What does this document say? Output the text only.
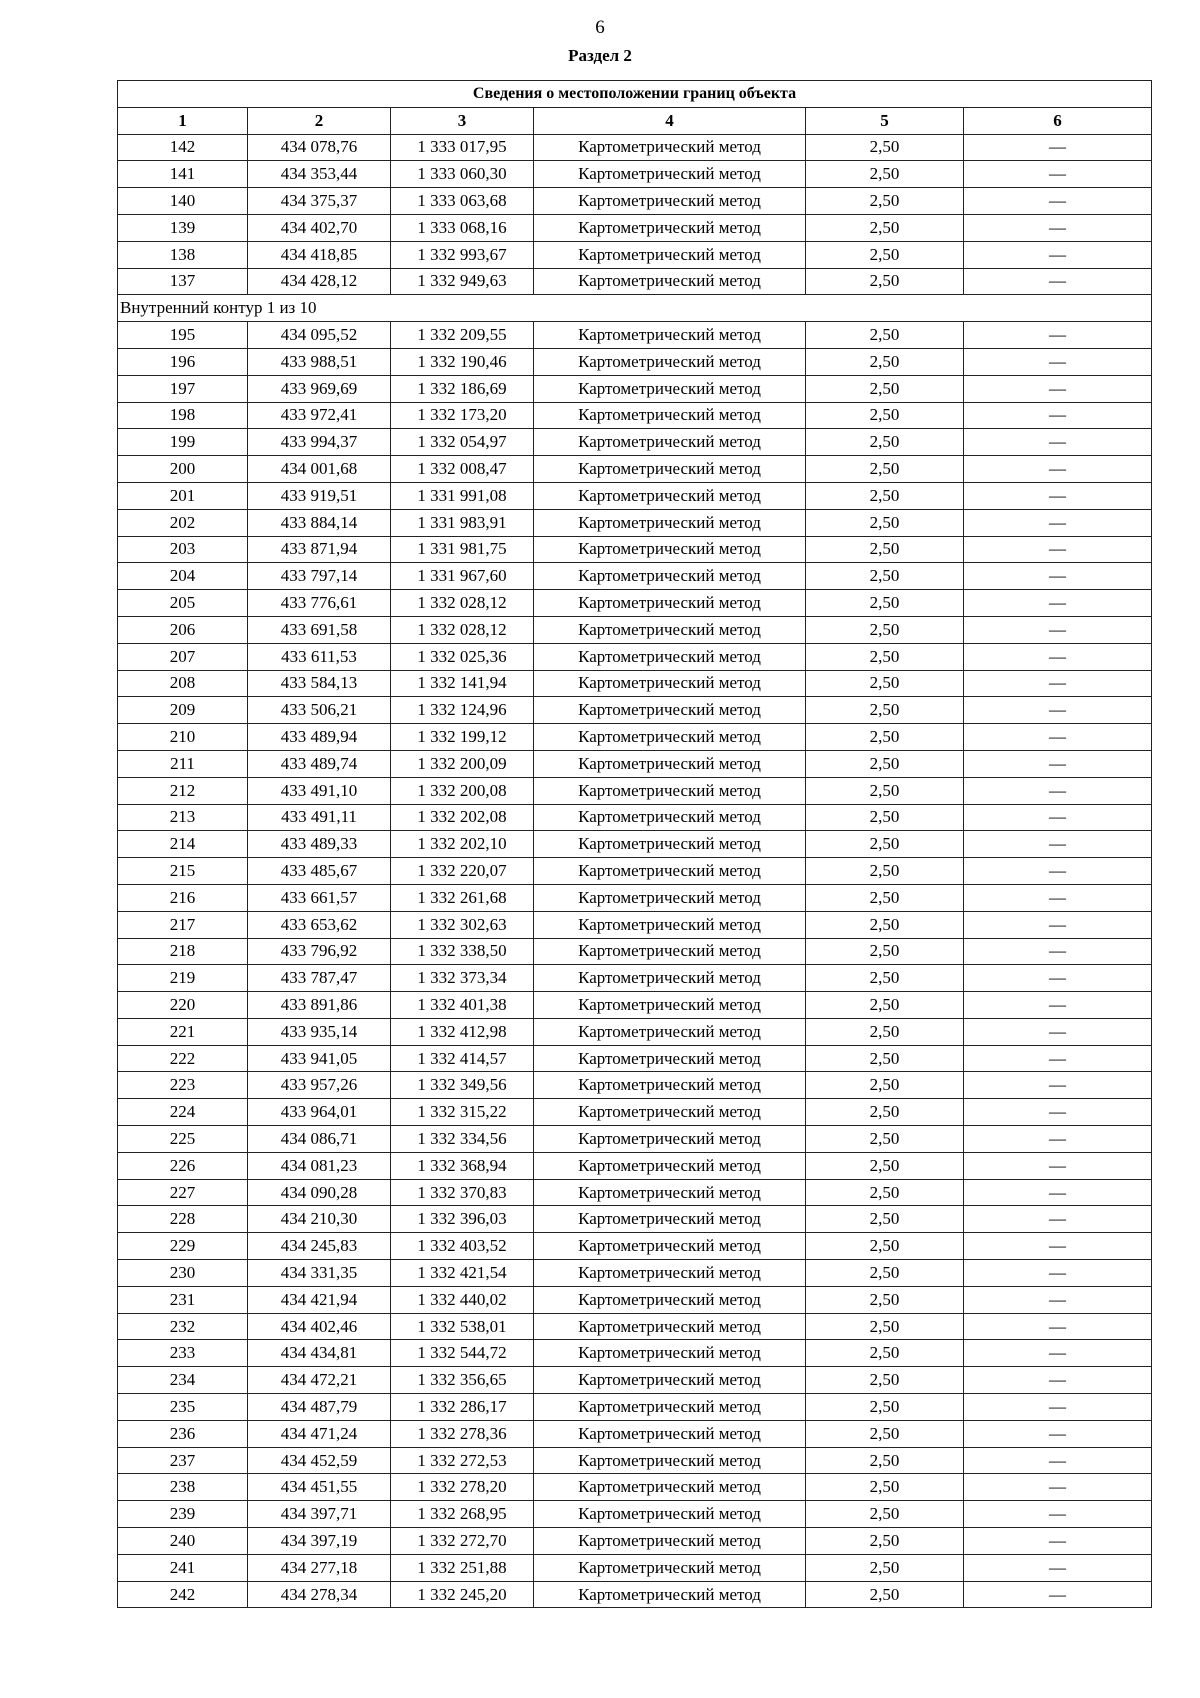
6
Раздел 2
Сведения о местоположении границ объекта					
1	2	3	4	5	6
142	434 078,76	1 333 017,95	Картометрический метод	2,50	—
141	434 353,44	1 333 060,30	Картометрический метод	2,50	—
140	434 375,37	1 333 063,68	Картометрический метод	2,50	—
139	434 402,70	1 333 068,16	Картометрический метод	2,50	—
138	434 418,85	1 332 993,67	Картометрический метод	2,50	—
137	434 428,12	1 332 949,63	Картометрический метод	2,50	—
Внутренний контур 1 из 10					
195	434 095,52	1 332 209,55	Картометрический метод	2,50	—
196	433 988,51	1 332 190,46	Картометрический метод	2,50	—
197	433 969,69	1 332 186,69	Картометрический метод	2,50	—
198	433 972,41	1 332 173,20	Картометрический метод	2,50	—
199	433 994,37	1 332 054,97	Картометрический метод	2,50	—
200	434 001,68	1 332 008,47	Картометрический метод	2,50	—
201	433 919,51	1 331 991,08	Картометрический метод	2,50	—
202	433 884,14	1 331 983,91	Картометрический метод	2,50	—
203	433 871,94	1 331 981,75	Картометрический метод	2,50	—
204	433 797,14	1 331 967,60	Картометрический метод	2,50	—
205	433 776,61	1 332 028,12	Картометрический метод	2,50	—
206	433 691,58	1 332 028,12	Картометрический метод	2,50	—
207	433 611,53	1 332 025,36	Картометрический метод	2,50	—
208	433 584,13	1 332 141,94	Картометрический метод	2,50	—
209	433 506,21	1 332 124,96	Картометрический метод	2,50	—
210	433 489,94	1 332 199,12	Картометрический метод	2,50	—
211	433 489,74	1 332 200,09	Картометрический метод	2,50	—
212	433 491,10	1 332 200,08	Картометрический метод	2,50	—
213	433 491,11	1 332 202,08	Картометрический метод	2,50	—
214	433 489,33	1 332 202,10	Картометрический метод	2,50	—
215	433 485,67	1 332 220,07	Картометрический метод	2,50	—
216	433 661,57	1 332 261,68	Картометрический метод	2,50	—
217	433 653,62	1 332 302,63	Картометрический метод	2,50	—
218	433 796,92	1 332 338,50	Картометрический метод	2,50	—
219	433 787,47	1 332 373,34	Картометрический метод	2,50	—
220	433 891,86	1 332 401,38	Картометрический метод	2,50	—
221	433 935,14	1 332 412,98	Картометрический метод	2,50	—
222	433 941,05	1 332 414,57	Картометрический метод	2,50	—
223	433 957,26	1 332 349,56	Картометрический метод	2,50	—
224	433 964,01	1 332 315,22	Картометрический метод	2,50	—
225	434 086,71	1 332 334,56	Картометрический метод	2,50	—
226	434 081,23	1 332 368,94	Картометрический метод	2,50	—
227	434 090,28	1 332 370,83	Картометрический метод	2,50	—
228	434 210,30	1 332 396,03	Картометрический метод	2,50	—
229	434 245,83	1 332 403,52	Картометрический метод	2,50	—
230	434 331,35	1 332 421,54	Картометрический метод	2,50	—
231	434 421,94	1 332 440,02	Картометрический метод	2,50	—
232	434 402,46	1 332 538,01	Картометрический метод	2,50	—
233	434 434,81	1 332 544,72	Картометрический метод	2,50	—
234	434 472,21	1 332 356,65	Картометрический метод	2,50	—
235	434 487,79	1 332 286,17	Картометрический метод	2,50	—
236	434 471,24	1 332 278,36	Картометрический метод	2,50	—
237	434 452,59	1 332 272,53	Картометрический метод	2,50	—
238	434 451,55	1 332 278,20	Картометрический метод	2,50	—
239	434 397,71	1 332 268,95	Картометрический метод	2,50	—
240	434 397,19	1 332 272,70	Картометрический метод	2,50	—
241	434 277,18	1 332 251,88	Картометрический метод	2,50	—
242	434 278,34	1 332 245,20	Картометрический метод	2,50	—
